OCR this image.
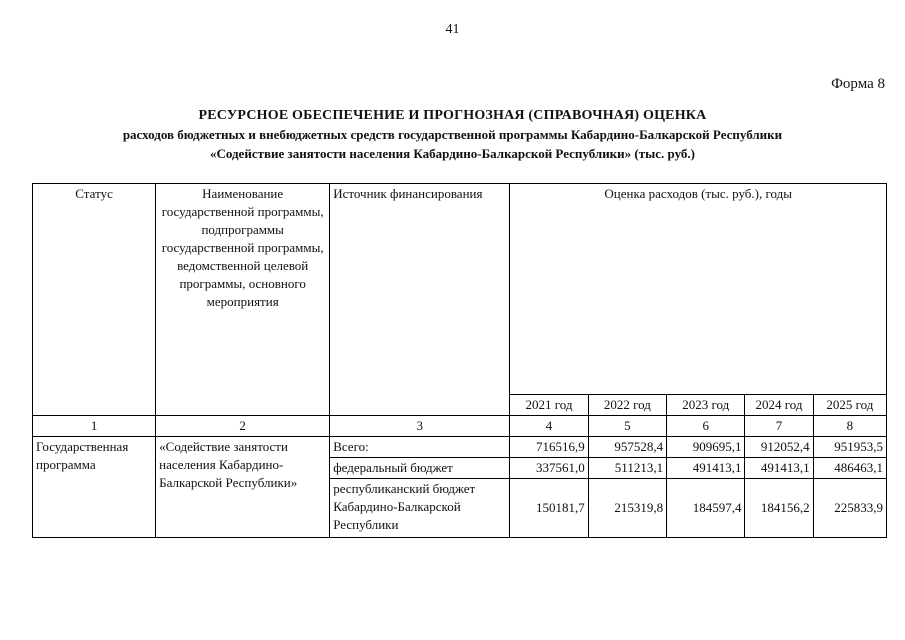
41
Форма 8
РЕСУРСНОЕ ОБЕСПЕЧЕНИЕ И ПРОГНОЗНАЯ (СПРАВОЧНАЯ) ОЦЕНКА
расходов бюджетных и внебюджетных средств государственной программы Кабардино-Балкарской Республики
«Содействие занятости населения Кабардино-Балкарской Республики» (тыс. руб.)
Статус	Наименование государственной программы, подпрограммы государственной программы, ведомственной целевой программы, основного мероприятия	Источник финансирования	Оценка расходов (тыс. руб.), годы				
			2021 год	2022 год	2023 год	2024 год	2025 год
1	2	3	4	5	6	7	8
Государственная программа	«Содействие занятости населения Кабардино-Балкарской Республики»	Всего:	716516,9	957528,4	909695,1	912052,4	951953,5
		федеральный бюджет	337561,0	511213,1	491413,1	491413,1	486463,1
		республиканский бюджет Кабардино-Балкарской Республики	150181,7	215319,8	184597,4	184156,2	225833,9
